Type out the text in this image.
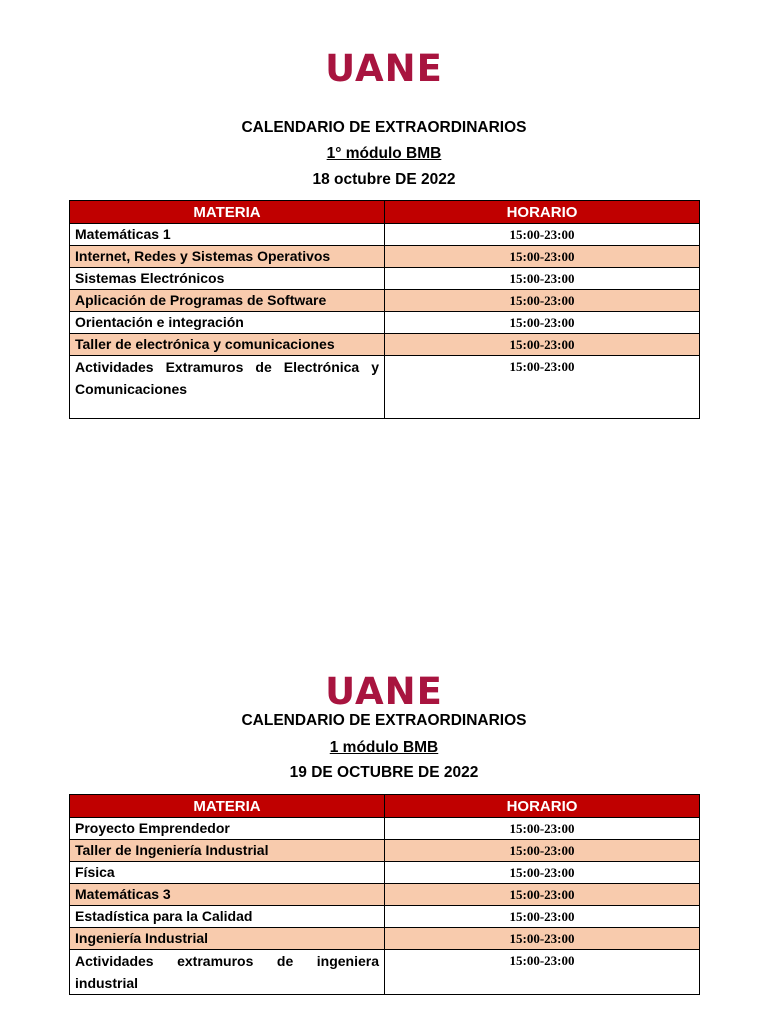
UANE
CALENDARIO DE EXTRAORDINARIOS
1° módulo BMB
18 octubre DE 2022
MATERIA	HORARIO
Matemáticas 1	15:00-23:00
Internet, Redes y Sistemas Operativos	15:00-23:00
Sistemas Electrónicos	15:00-23:00
Aplicación de Programas de Software	15:00-23:00
Orientación e integración	15:00-23:00
Taller de electrónica y comunicaciones	15:00-23:00
Actividades Extramuros de Electrónica y Comunicaciones	15:00-23:00
UANE
CALENDARIO DE EXTRAORDINARIOS
1 módulo BMB
19 DE OCTUBRE DE 2022
MATERIA	HORARIO
Proyecto Emprendedor	15:00-23:00
Taller de Ingeniería Industrial	15:00-23:00
Física	15:00-23:00
Matemáticas 3	15:00-23:00
Estadística para la Calidad	15:00-23:00
Ingeniería Industrial	15:00-23:00
Actividades extramuros de ingeniera industrial	15:00-23:00
